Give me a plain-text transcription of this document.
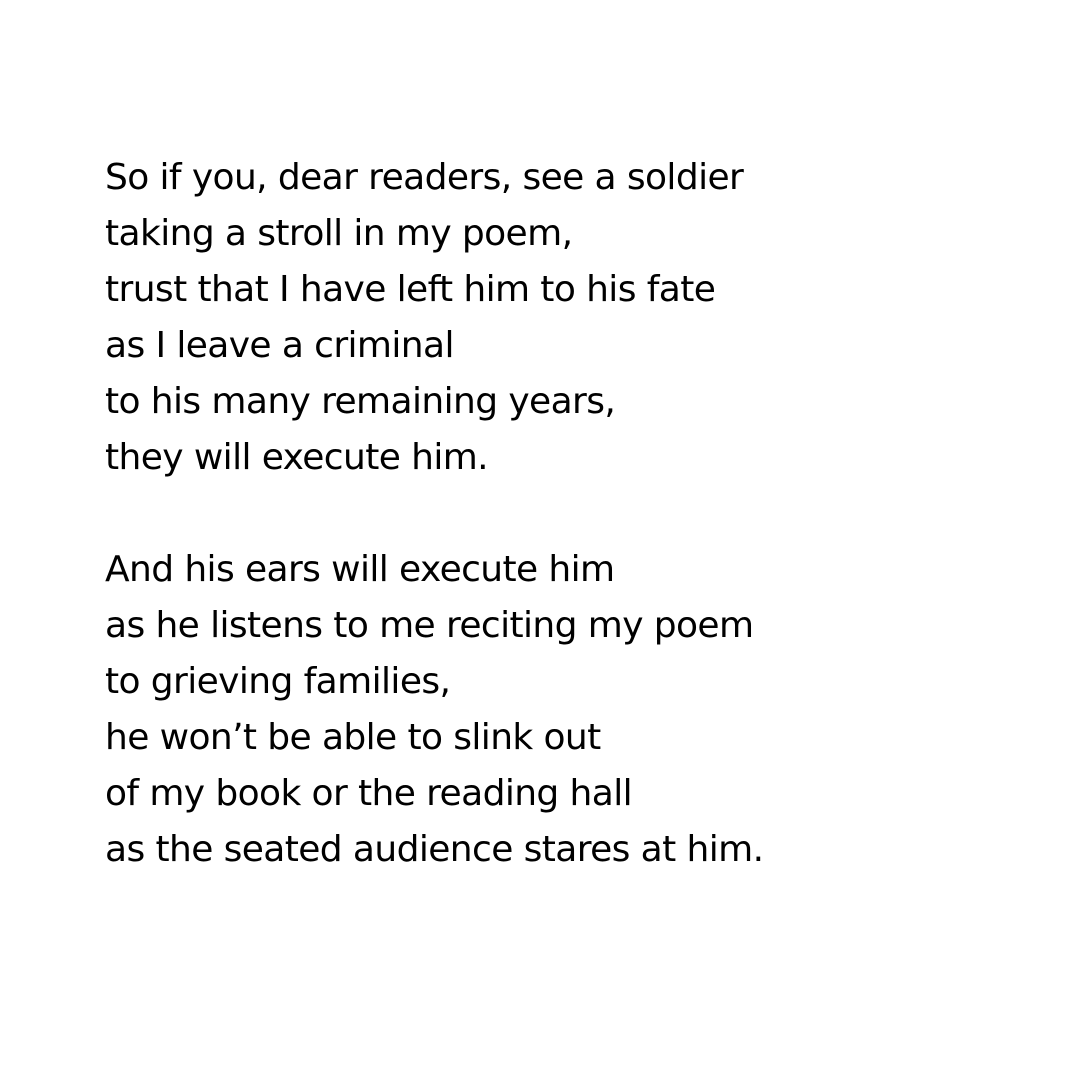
So if you, dear readers, see a soldier
taking a stroll in my poem,
trust that I have left him to his fate
as I leave a criminal
to his many remaining years,
they will execute him.
And his ears will execute him
as he listens to me reciting my poem
to grieving families,
he won’t be able to slink out
of my book or the reading hall
as the seated audience stares at him.
